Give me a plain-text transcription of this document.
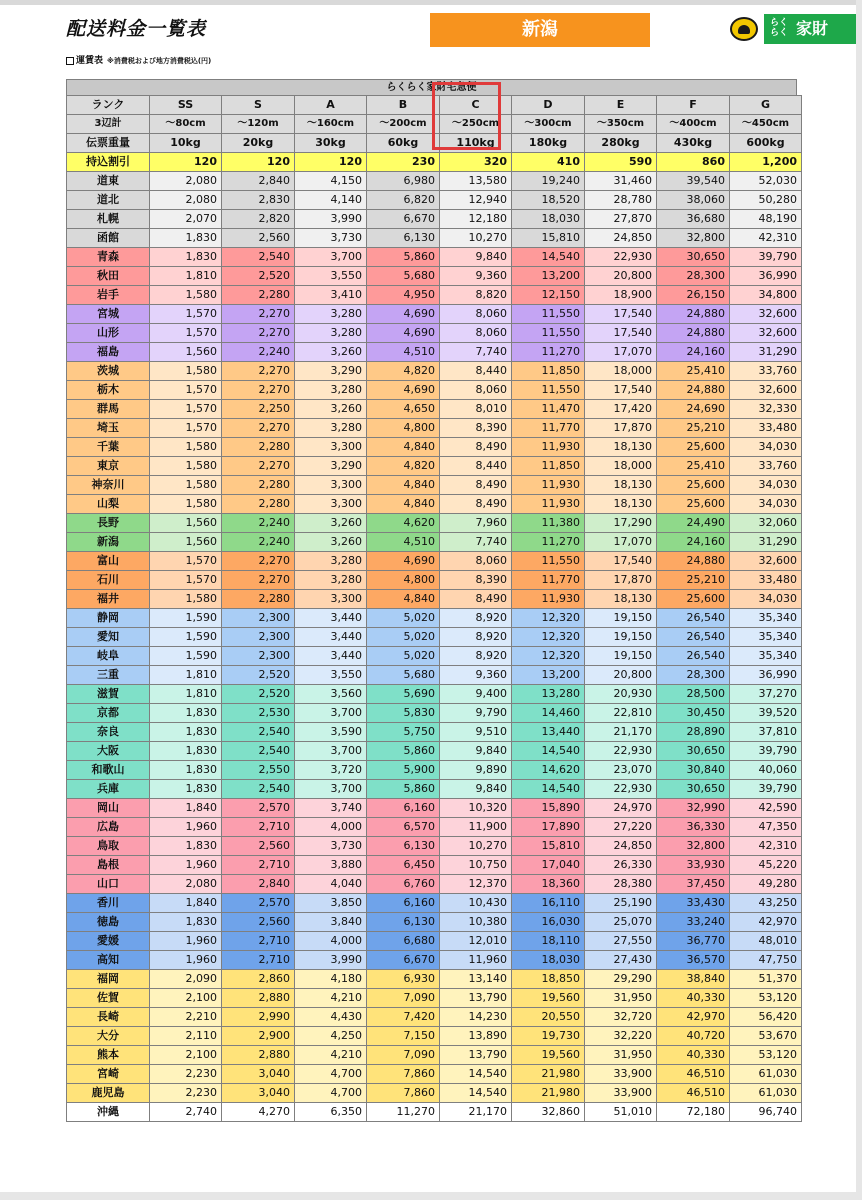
配送料金一覧表	新潟	らく
らく 家財
運賃表 ※消費税および地方消費税込(円)
らくらく家財宅急便
ランク	SS	S	A	B	C	D	E	F	G
3辺計	〜80cm	〜120m	〜160cm	〜200cm	〜250cm	〜300cm	〜350cm	〜400cm	〜450cm
伝票重量	10kg	20kg	30kg	60kg	110kg	180kg	280kg	430kg	600kg
持込割引	120	120	120	230	320	410	590	860	1,200
道東	2,080	2,840	4,150	6,980	13,580	19,240	31,460	39,540	52,030
道北	2,080	2,830	4,140	6,820	12,940	18,520	28,780	38,060	50,280
札幌	2,070	2,820	3,990	6,670	12,180	18,030	27,870	36,680	48,190
函館	1,830	2,560	3,730	6,130	10,270	15,810	24,850	32,800	42,310
青森	1,830	2,540	3,700	5,860	9,840	14,540	22,930	30,650	39,790
秋田	1,810	2,520	3,550	5,680	9,360	13,200	20,800	28,300	36,990
岩手	1,580	2,280	3,410	4,950	8,820	12,150	18,900	26,150	34,800
宮城	1,570	2,270	3,280	4,690	8,060	11,550	17,540	24,880	32,600
山形	1,570	2,270	3,280	4,690	8,060	11,550	17,540	24,880	32,600
福島	1,560	2,240	3,260	4,510	7,740	11,270	17,070	24,160	31,290
茨城	1,580	2,270	3,290	4,820	8,440	11,850	18,000	25,410	33,760
栃木	1,570	2,270	3,280	4,690	8,060	11,550	17,540	24,880	32,600
群馬	1,570	2,250	3,260	4,650	8,010	11,470	17,420	24,690	32,330
埼玉	1,570	2,270	3,280	4,800	8,390	11,770	17,870	25,210	33,480
千葉	1,580	2,280	3,300	4,840	8,490	11,930	18,130	25,600	34,030
東京	1,580	2,270	3,290	4,820	8,440	11,850	18,000	25,410	33,760
神奈川	1,580	2,280	3,300	4,840	8,490	11,930	18,130	25,600	34,030
山梨	1,580	2,280	3,300	4,840	8,490	11,930	18,130	25,600	34,030
長野	1,560	2,240	3,260	4,620	7,960	11,380	17,290	24,490	32,060
新潟	1,560	2,240	3,260	4,510	7,740	11,270	17,070	24,160	31,290
富山	1,570	2,270	3,280	4,690	8,060	11,550	17,540	24,880	32,600
石川	1,570	2,270	3,280	4,800	8,390	11,770	17,870	25,210	33,480
福井	1,580	2,280	3,300	4,840	8,490	11,930	18,130	25,600	34,030
静岡	1,590	2,300	3,440	5,020	8,920	12,320	19,150	26,540	35,340
愛知	1,590	2,300	3,440	5,020	8,920	12,320	19,150	26,540	35,340
岐阜	1,590	2,300	3,440	5,020	8,920	12,320	19,150	26,540	35,340
三重	1,810	2,520	3,550	5,680	9,360	13,200	20,800	28,300	36,990
滋賀	1,810	2,520	3,560	5,690	9,400	13,280	20,930	28,500	37,270
京都	1,830	2,530	3,700	5,830	9,790	14,460	22,810	30,450	39,520
奈良	1,830	2,540	3,590	5,750	9,510	13,440	21,170	28,890	37,810
大阪	1,830	2,540	3,700	5,860	9,840	14,540	22,930	30,650	39,790
和歌山	1,830	2,550	3,720	5,900	9,890	14,620	23,070	30,840	40,060
兵庫	1,830	2,540	3,700	5,860	9,840	14,540	22,930	30,650	39,790
岡山	1,840	2,570	3,740	6,160	10,320	15,890	24,970	32,990	42,590
広島	1,960	2,710	4,000	6,570	11,900	17,890	27,220	36,330	47,350
鳥取	1,830	2,560	3,730	6,130	10,270	15,810	24,850	32,800	42,310
島根	1,960	2,710	3,880	6,450	10,750	17,040	26,330	33,930	45,220
山口	2,080	2,840	4,040	6,760	12,370	18,360	28,380	37,450	49,280
香川	1,840	2,570	3,850	6,160	10,430	16,110	25,190	33,430	43,250
徳島	1,830	2,560	3,840	6,130	10,380	16,030	25,070	33,240	42,970
愛媛	1,960	2,710	4,000	6,680	12,010	18,110	27,550	36,770	48,010
高知	1,960	2,710	3,990	6,670	11,960	18,030	27,430	36,570	47,750
福岡	2,090	2,860	4,180	6,930	13,140	18,850	29,290	38,840	51,370
佐賀	2,100	2,880	4,210	7,090	13,790	19,560	31,950	40,330	53,120
長崎	2,210	2,990	4,430	7,420	14,230	20,550	32,720	42,970	56,420
大分	2,110	2,900	4,250	7,150	13,890	19,730	32,220	40,720	53,670
熊本	2,100	2,880	4,210	7,090	13,790	19,560	31,950	40,330	53,120
宮崎	2,230	3,040	4,700	7,860	14,540	21,980	33,900	46,510	61,030
鹿児島	2,230	3,040	4,700	7,860	14,540	21,980	33,900	46,510	61,030
沖縄	2,740	4,270	6,350	11,270	21,170	32,860	51,010	72,180	96,740
